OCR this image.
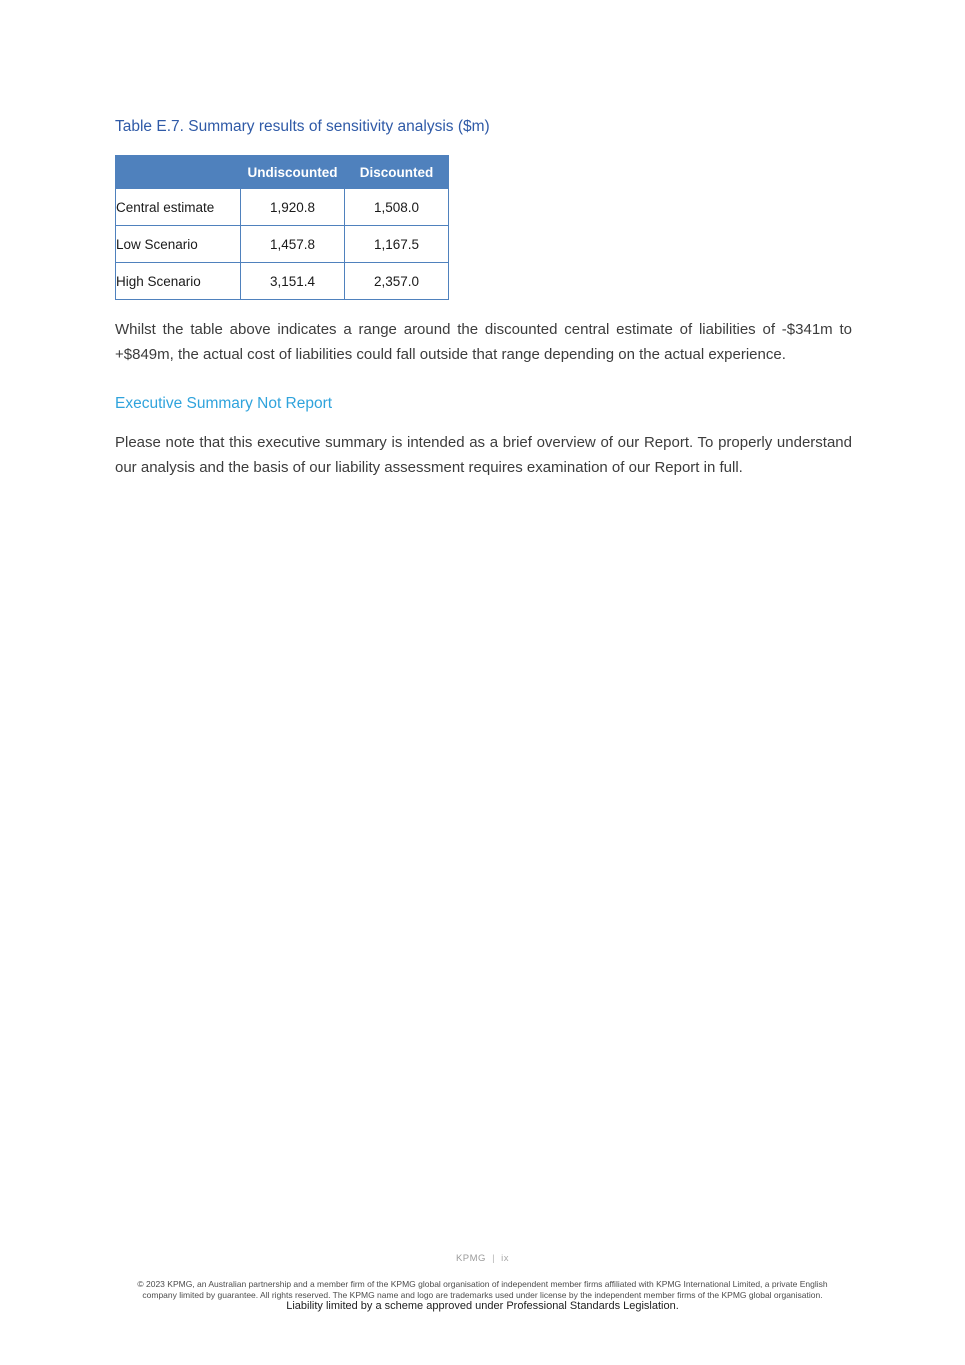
Table E.7. Summary results of sensitivity analysis ($m)
	Undiscounted	Discounted
Central estimate	1,920.8	1,508.0
Low Scenario	1,457.8	1,167.5
High Scenario	3,151.4	2,357.0

Whilst the table above indicates a range around the discounted central estimate of liabilities of -$341m to +$849m, the actual cost of liabilities could fall outside that range depending on the actual experience.

Executive Summary Not Report

Please note that this executive summary is intended as a brief overview of our Report. To properly understand our analysis and the basis of our liability assessment requires examination of our Report in full.

KPMG | ix
© 2023 KPMG, an Australian partnership and a member firm of the KPMG global organisation of independent member firms affiliated with KPMG International Limited, a private English
company limited by guarantee. All rights reserved. The KPMG name and logo are trademarks used under license by the independent member firms of the KPMG global organisation.
Liability limited by a scheme approved under Professional Standards Legislation.
